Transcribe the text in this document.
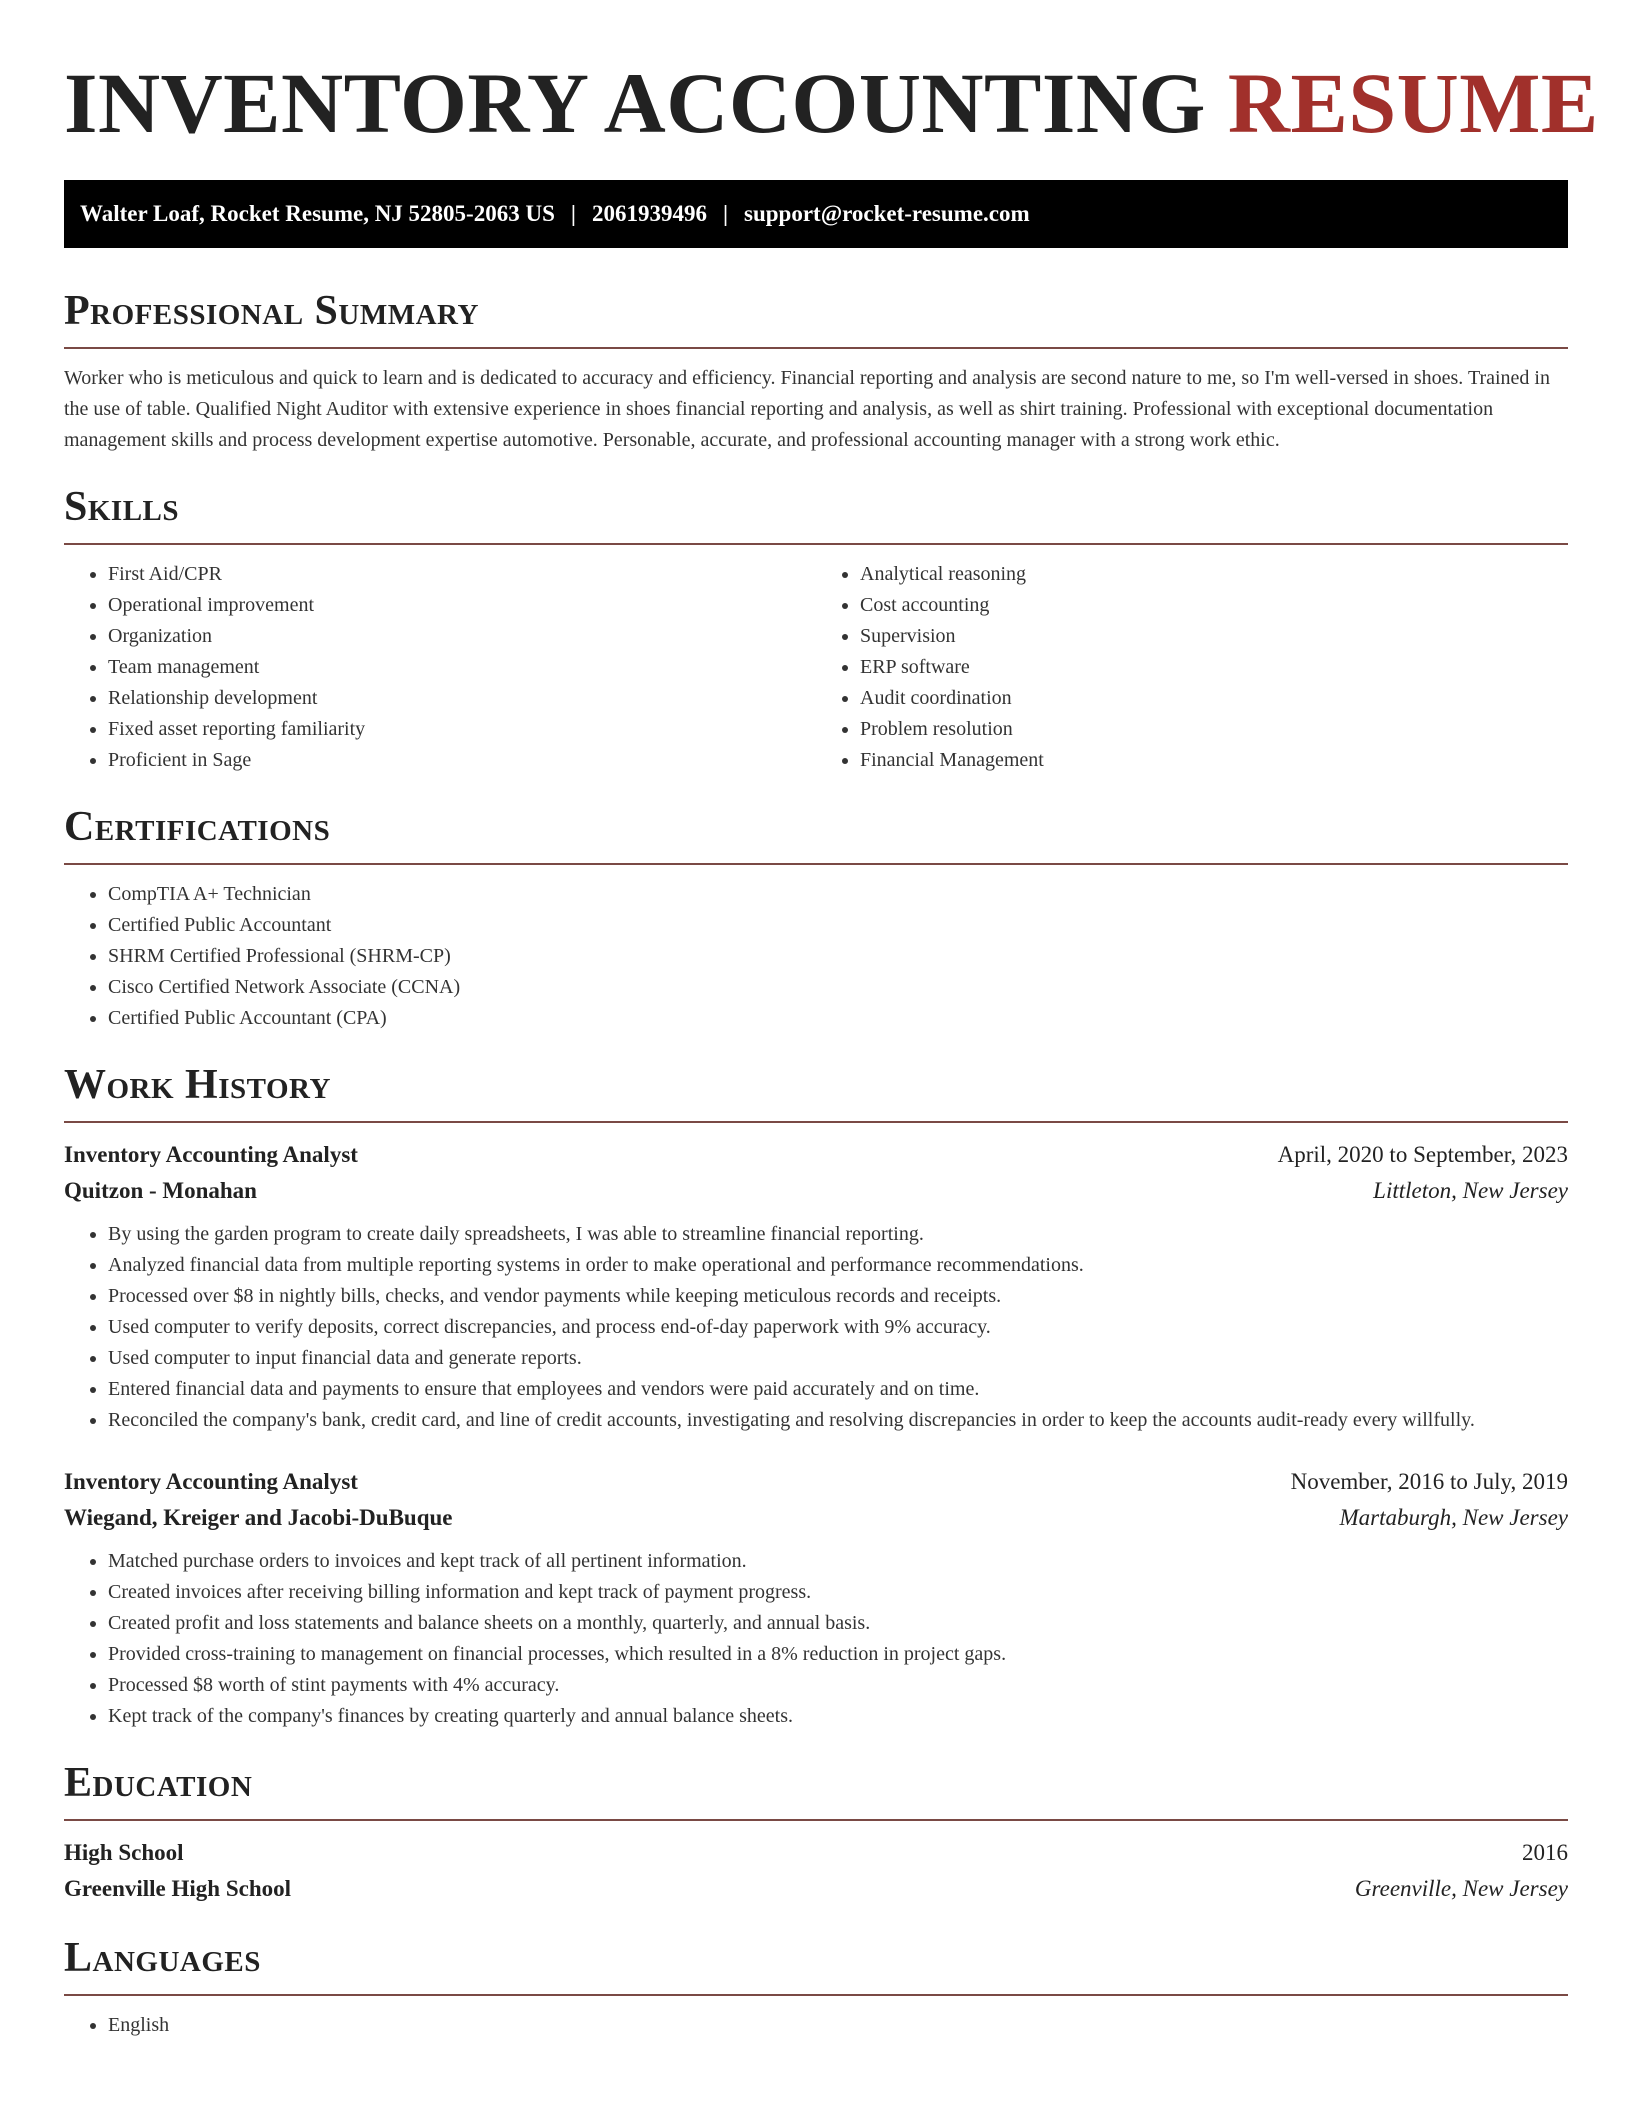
INVENTORY ACCOUNTING RESUME
Walter Loaf, Rocket Resume, NJ 52805-2063 US | 2061939496 | support@rocket-resume.com
Professional Summary

Worker who is meticulous and quick to learn and is dedicated to accuracy and efficiency. Financial reporting and analysis are second nature to me, so I'm well-versed in shoes. Trained in the use of table. Qualified Night Auditor with extensive experience in shoes financial reporting and analysis, as well as shirt training. Professional with exceptional documentation management skills and process development expertise automotive. Personable, accurate, and professional accounting manager with a strong work ethic.

Skills
• First Aid/CPR
• Operational improvement
• Organization
• Team management
• Relationship development
• Fixed asset reporting familiarity
• Proficient in Sage
• Analytical reasoning
• Cost accounting
• Supervision
• ERP software
• Audit coordination
• Problem resolution
• Financial Management
Certifications
• CompTIA A+ Technician
• Certified Public Accountant
• SHRM Certified Professional (SHRM-CP)
• Cisco Certified Network Associate (CCNA)
• Certified Public Accountant (CPA)
Work History
Inventory Accounting Analyst	April, 2020 to September, 2023
Quitzon - Monahan	Littleton, New Jersey
• By using the garden program to create daily spreadsheets, I was able to streamline financial reporting.
• Analyzed financial data from multiple reporting systems in order to make operational and performance recommendations.
• Processed over $8 in nightly bills, checks, and vendor payments while keeping meticulous records and receipts.
• Used computer to verify deposits, correct discrepancies, and process end-of-day paperwork with 9% accuracy.
• Used computer to input financial data and generate reports.
• Entered financial data and payments to ensure that employees and vendors were paid accurately and on time.
• Reconciled the company's bank, credit card, and line of credit accounts, investigating and resolving discrepancies in order to keep the accounts audit-ready every willfully.
Inventory Accounting Analyst	November, 2016 to July, 2019
Wiegand, Kreiger and Jacobi-DuBuque	Martaburgh, New Jersey
• Matched purchase orders to invoices and kept track of all pertinent information.
• Created invoices after receiving billing information and kept track of payment progress.
• Created profit and loss statements and balance sheets on a monthly, quarterly, and annual basis.
• Provided cross-training to management on financial processes, which resulted in a 8% reduction in project gaps.
• Processed $8 worth of stint payments with 4% accuracy.
• Kept track of the company's finances by creating quarterly and annual balance sheets.
Education
High School	2016
Greenville High School	Greenville, New Jersey
Languages
• English
